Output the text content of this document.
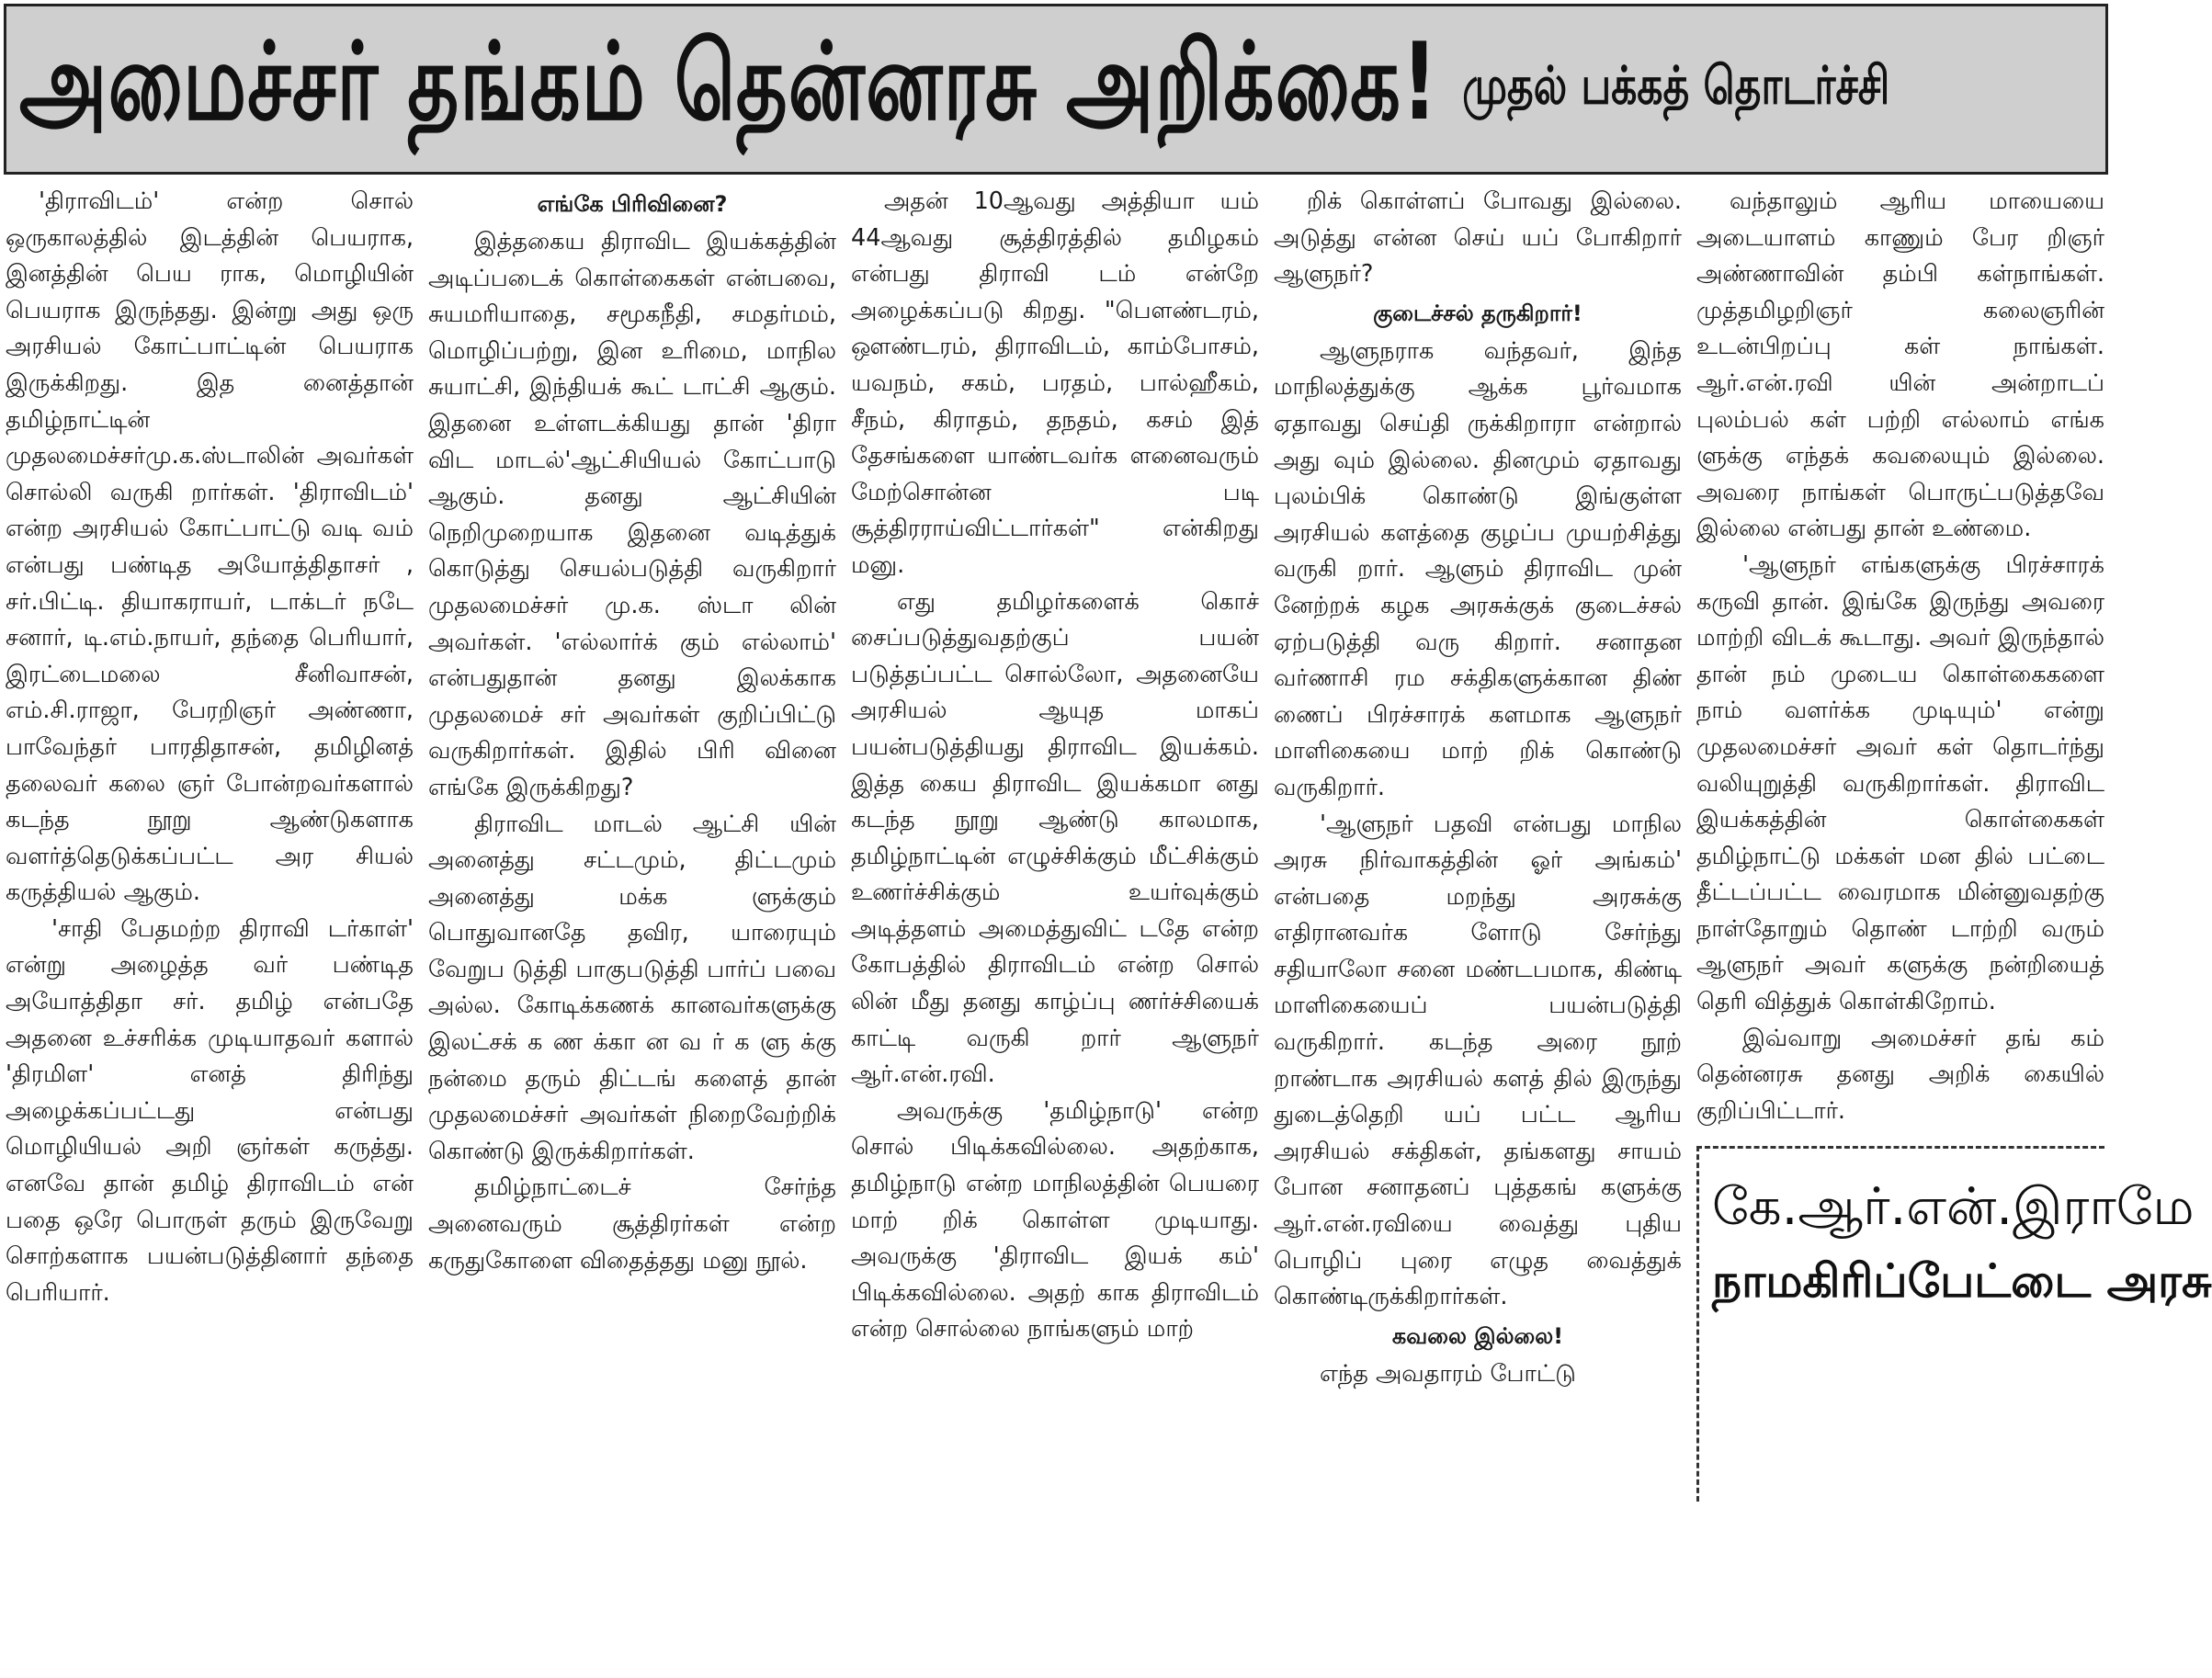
அமைச்சர் தங்கம் தென்னரசு அறிக்கை! முதல் பக்கத் தொடர்ச்சி

'திராவிடம்' என்ற சொல் ஒருகாலத்தில் இடத்தின் பெயராக, இனத்தின் பெய ராக, மொழியின் பெயராக இருந்தது. இன்று அது ஒரு அரசியல் கோட்பாட்டின் பெயராக இருக்கிறது. இத னைத்தான் தமிழ்நாட்டின் முதலமைச்சர்மு.க.ஸ்டாலின் அவர்கள் சொல்லி வருகி றார்கள். 'திராவிடம்' என்ற அரசியல் கோட்பாட்டு வடி வம் என்பது பண்டித அயோத்திதாசர் , சர்.பிட்டி. தியாகராயர், டாக்டர் நடே சனார், டி.எம்.நாயர், தந்தை பெரியார், இரட்டைமலை சீனிவாசன், எம்.சி.ராஜா, பேரறிஞர் அண்ணா, பாவேந்தர் பாரதிதாசன், தமிழினத் தலைவர் கலை ஞர் போன்றவர்களால் கடந்த நூறு ஆண்டுகளாக வளர்த்தெடுக்கப்பட்ட அர சியல் கருத்தியல் ஆகும்.

'சாதி பேதமற்ற திராவி டர்காள்' என்று அழைத்த வர் பண்டித அயோத்திதா சர். தமிழ் என்பதே அதனை உச்சரிக்க முடியாதவர் களால் 'திரமிள' எனத் திரிந்து அழைக்கப்பட்டது என்பது மொழியியல் அறி ஞர்கள் கருத்து. எனவே தான் தமிழ் திராவிடம் என் பதை ஒரே பொருள் தரும் இருவேறு சொற்களாக பயன்படுத்தினார் தந்தை பெரியார்.

எங்கே பிரிவினை?

இத்தகைய திராவிட இயக்கத்தின் அடிப்படைக் கொள்கைகள் என்பவை, சுயமரியாதை, சமூகநீதி, சமதர்மம், மொழிப்பற்று, இன உரிமை, மாநில சுயாட்சி, இந்தியக் கூட் டாட்சி ஆகும். இதனை உள்ளடக்கியது தான் 'திரா விட மாடல்'ஆட்சியியல் கோட்பாடு ஆகும். தனது ஆட்சியின் நெறிமுறையாக இதனை வடித்துக் கொடுத்து செயல்படுத்தி வருகிறார் முதலமைச்சர் மு.க. ஸ்டா லின் அவர்கள். 'எல்லார்க் கும் எல்லாம்' என்பதுதான் தனது இலக்காக முதலமைச் சர் அவர்கள் குறிப்பிட்டு வருகிறார்கள். இதில் பிரி வினை எங்கே இருக்கிறது?

திராவிட மாடல் ஆட்சி யின் அனைத்து சட்டமும், திட்டமும் அனைத்து மக்க ளுக்கும் பொதுவானதே தவிர, யாரையும் வேறுப டுத்தி பாகுபடுத்தி பார்ப் பவை அல்ல. கோடிக்கணக் கானவர்களுக்கு இலட்சக் க ண க்கா ன வ ர் க ளு க்கு நன்மை தரும் திட்டங் களைத் தான் முதலமைச்சர் அவர்கள் நிறைவேற்றிக் கொண்டு இருக்கிறார்கள்.

தமிழ்நாட்டைச் சேர்ந்த அனைவரும் சூத்திரர்கள் என்ற கருதுகோளை விதைத்தது மனு நூல்.

அதன் 10ஆவது அத்தியா யம் 44ஆவது சூத்திரத்தில் தமிழகம் என்பது திராவி டம் என்றே அழைக்கப்படு கிறது. "பௌண்டரம், ஔண்டரம், திராவிடம், காம்போசம், யவநம், சகம், பரதம், பால்ஹீகம், சீநம், கிராதம், தநதம், கசம் இத் தேசங்களை யாண்டவர்க ளனைவரும் மேற்சொன்ன படி சூத்திரராய்விட்டார்கள்" என்கிறது மனு.

எது தமிழர்களைக் கொச் சைப்படுத்துவதற்குப் பயன் படுத்தப்பட்ட சொல்லோ, அதனையே அரசியல் ஆயுத மாகப் பயன்படுத்தியது திராவிட இயக்கம். இத்த கைய திராவிட இயக்கமா னது கடந்த நூறு ஆண்டு காலமாக, தமிழ்நாட்டின் எழுச்சிக்கும் மீட்சிக்கும் உணர்ச்சிக்கும் உயர்வுக்கும் அடித்தளம் அமைத்துவிட் டதே என்ற கோபத்தில் திராவிடம் என்ற சொல் லின் மீது தனது காழ்ப்பு ணர்ச்சியைக் காட்டி வருகி றார் ஆளுநர் ஆர்.என்.ரவி.

அவருக்கு 'தமிழ்நாடு' என்ற சொல் பிடிக்கவில்லை. அதற்காக, தமிழ்நாடு என்ற மாநிலத்தின் பெயரை மாற் றிக் கொள்ள முடியாது. அவருக்கு 'திராவிட இயக் கம்' பிடிக்கவில்லை. அதற் காக திராவிடம் என்ற சொல்லை நாங்களும் மாற்

றிக் கொள்ளப் போவது இல்லை. அடுத்து என்ன செய் யப் போகிறார் ஆளுநர்?

குடைச்சல் தருகிறார்!

ஆளுநராக வந்தவர், இந்த மாநிலத்துக்கு ஆக்க பூர்வமாக ஏதாவது செய்தி ருக்கிறாரா என்றால் அது வும் இல்லை. தினமும் ஏதாவது புலம்பிக் கொண்டு இங்குள்ள அரசியல் களத்தை குழப்ப முயற்சித்து வருகி றார். ஆளும் திராவிட முன் னேற்றக் கழக அரசுக்குக் குடைச்சல் ஏற்படுத்தி வரு கிறார். சனாதன வர்ணாசி ரம சக்திகளுக்கான திண் ணைப் பிரச்சாரக் களமாக ஆளுநர் மாளிகையை மாற் றிக் கொண்டு வருகிறார்.

'ஆளுநர் பதவி என்பது மாநில அரசு நிர்வாகத்தின் ஓர் அங்கம்' என்பதை மறந்து அரசுக்கு எதிரானவர்க ளோடு சேர்ந்து சதியாலோ சனை மண்டபமாக, கிண்டி மாளிகையைப் பயன்படுத்தி வருகிறார். கடந்த அரை நூற் றாண்டாக அரசியல் களத் தில் இருந்து துடைத்தெறி யப் பட்ட ஆரிய அரசியல் சக்திகள், தங்களது சாயம் போன சனாதனப் புத்தகங் களுக்கு ஆர்.என்.ரவியை வைத்து புதிய பொழிப் புரை எழுத வைத்துக் கொண்டிருக்கிறார்கள்.

கவலை இல்லை!

எந்த அவதாரம் போட்டு

வந்தாலும் ஆரிய மாயையை அடையாளம் காணும் பேர றிஞர் அண்ணாவின் தம்பி கள்நாங்கள். முத்தமிழறிஞர் கலைஞரின் உடன்பிறப்பு கள் நாங்கள். ஆர்.என்.ரவி யின் அன்றாடப் புலம்பல் கள் பற்றி எல்லாம் எங்க ளுக்கு எந்தக் கவலையும் இல்லை. அவரை நாங்கள் பொருட்படுத்தவே இல்லை என்பது தான் உண்மை.

'ஆளுநர் எங்களுக்கு பிரச்சாரக் கருவி தான். இங்கே இருந்து அவரை மாற்றி விடக் கூடாது. அவர் இருந்தால் தான் நம் முடைய கொள்கைகளை நாம் வளர்க்க முடியும்' என்று முதலமைச்சர் அவர் கள் தொடர்ந்து வலியுறுத்தி வருகிறார்கள். திராவிட இயக்கத்தின் கொள்கைகள் தமிழ்நாட்டு மக்கள் மன தில் பட்டை தீட்டப்பட்ட வைரமாக மின்னுவதற்கு நாள்தோறும் தொண் டாற்றி வரும் ஆளுநர் அவர் களுக்கு நன்றியைத் தெரி வித்துக் கொள்கிறோம்.

இவ்வாறு அமைச்சர் தங் கம் தென்னரசு தனது அறிக் கையில் குறிப்பிட்டார்.

கே.ஆர்.என்.இராமே
நாமகிரிப்பேட்டை அரசு
